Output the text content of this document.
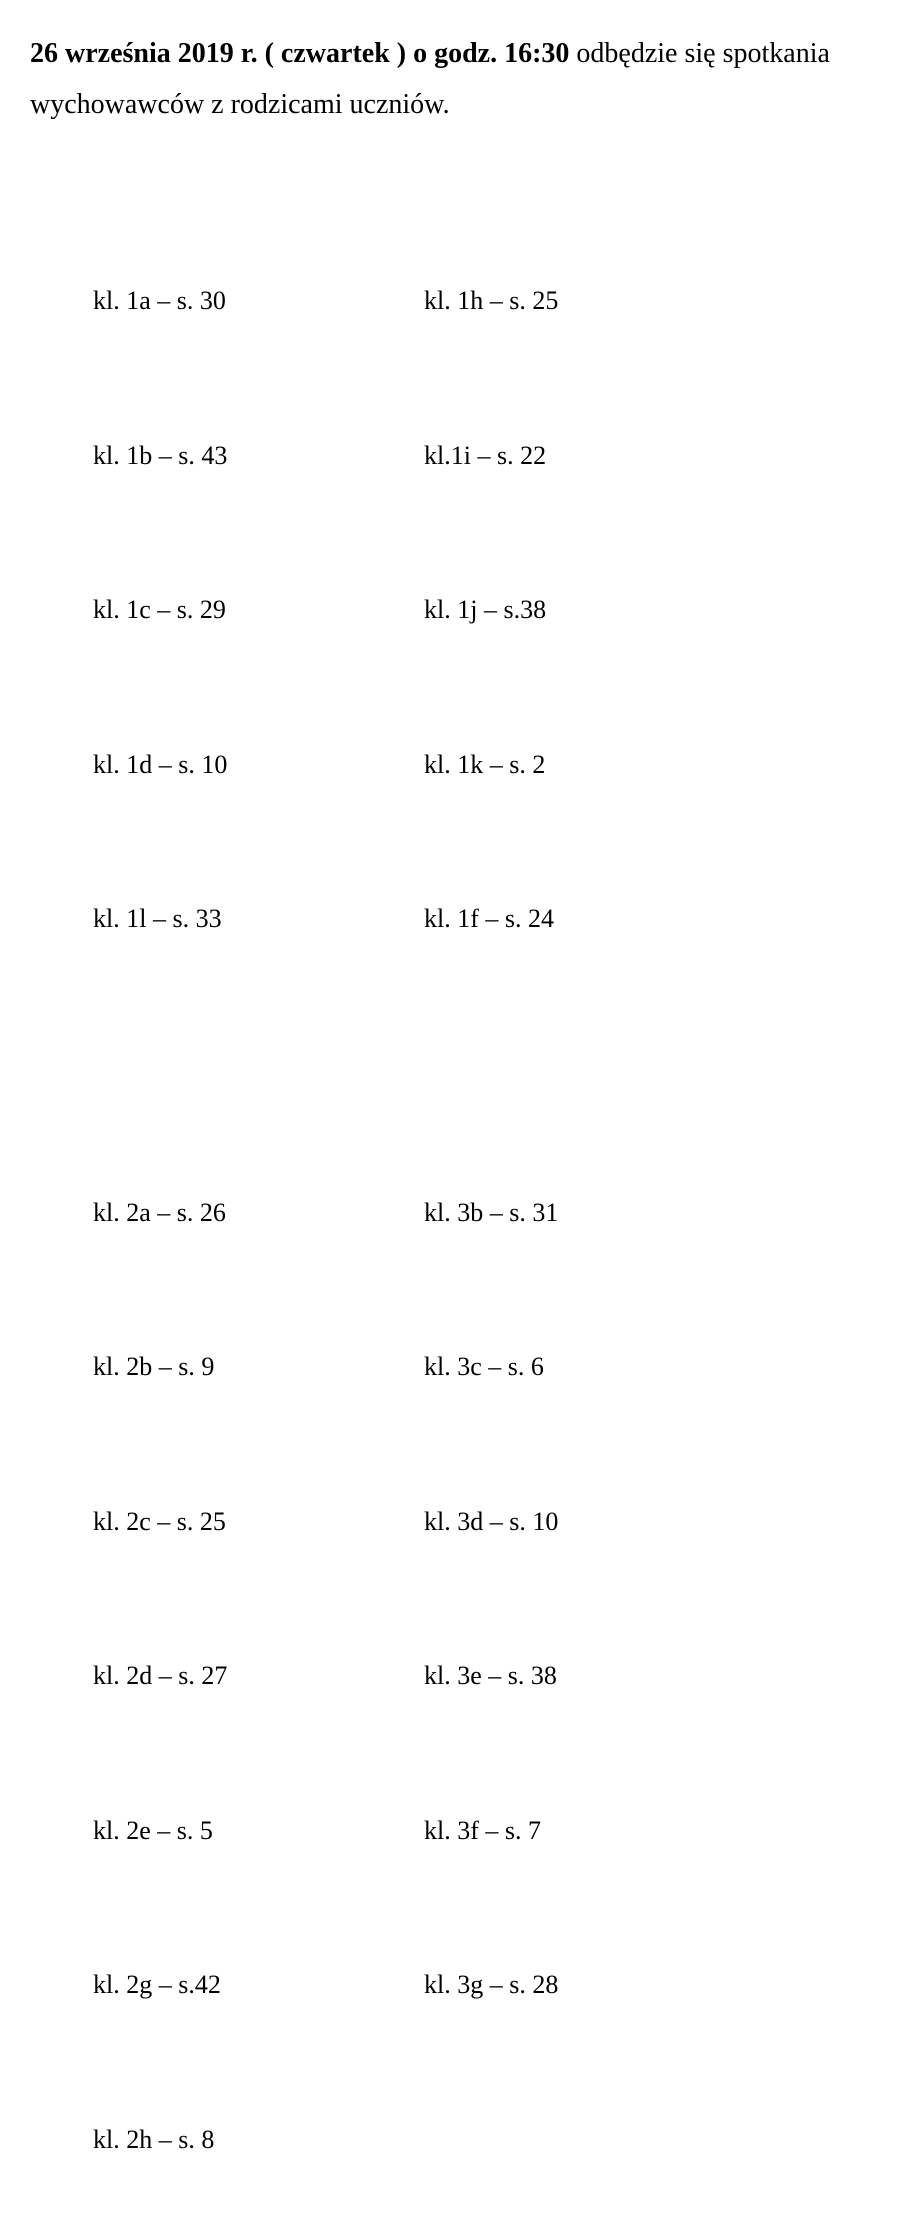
26 września 2019 r. ( czwartek ) o godz. 16:30 odbędzie się spotkania wychowawców z rodzicami uczniów.

kl. 1a – s. 30

kl. 1b – s. 43

kl. 1c – s. 29

kl. 1d – s. 10

kl. 1l – s. 33

kl. 2a – s. 26

kl. 2b – s. 9

kl. 2c – s. 25

kl. 2d – s. 27

kl. 2e – s. 5

kl. 2g – s.42

kl. 2h – s. 8

kl. 1h – s. 25

kl.1i – s. 22

kl. 1j – s.38

kl. 1k – s. 2

kl. 1f – s. 24

kl. 3b – s. 31

kl. 3c – s. 6

kl. 3d – s. 10

kl. 3e – s. 38

kl. 3f – s. 7

kl. 3g – s. 28
